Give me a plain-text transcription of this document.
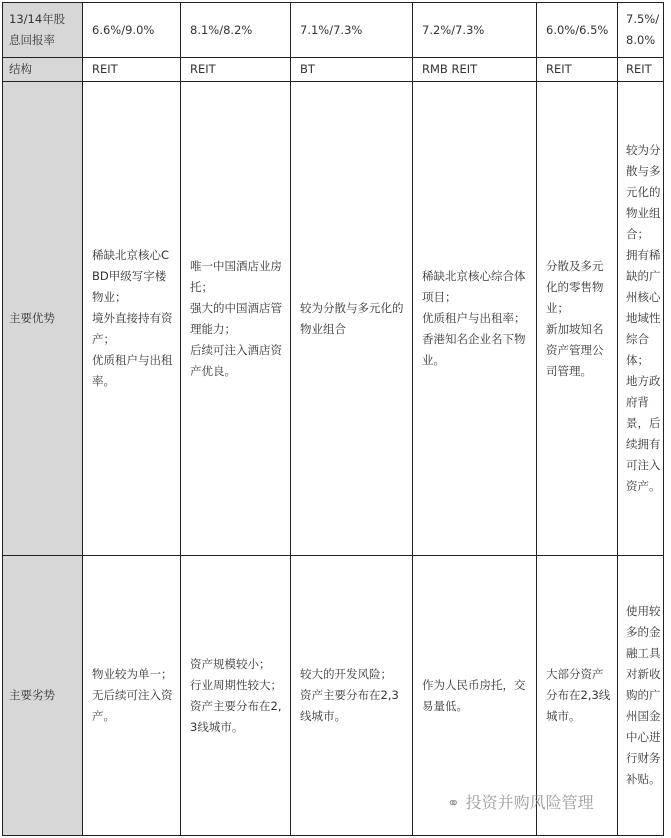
13/14年股息回报率	6.6%/9.0%	8.1%/8.2%	7.1%/7.3%	7.2%/7.3%	6.0%/6.5%	7.5%/8.0%
结构	REIT	REIT	BT	RMB REIT	REIT	REIT
主要优势	稀缺北京核心CBD甲级写字楼物业；
境外直接持有资产；
优质租户与出租率。	唯一中国酒店业房托；
强大的中国酒店管理能力；
后续可注入酒店资产优良。	较为分散与多元化的物业组合	稀缺北京核心综合体项目；
优质租户与出租率；
香港知名企业名下物业。	分散及多元化的零售物业；
新加坡知名资产管理公司管理。	较为分散与多元化的物业组合；
拥有稀缺的广州核心地域性综合体；
地方政府背景，后续拥有可注入资产。

主要劣势	物业较为单一；
无后续可注入资产。	资产规模较小；
行业周期性较大；
资产主要分布在2,3线城市。	较大的开发风险；
资产主要分布在2,3线城市。	作为人民币房托，交易量低。	大部分资产分布在2,3线城市。	使用较多的金融工具对新收购的广州国金中心进行财务补贴。
⚭ 投资并购风险管理
